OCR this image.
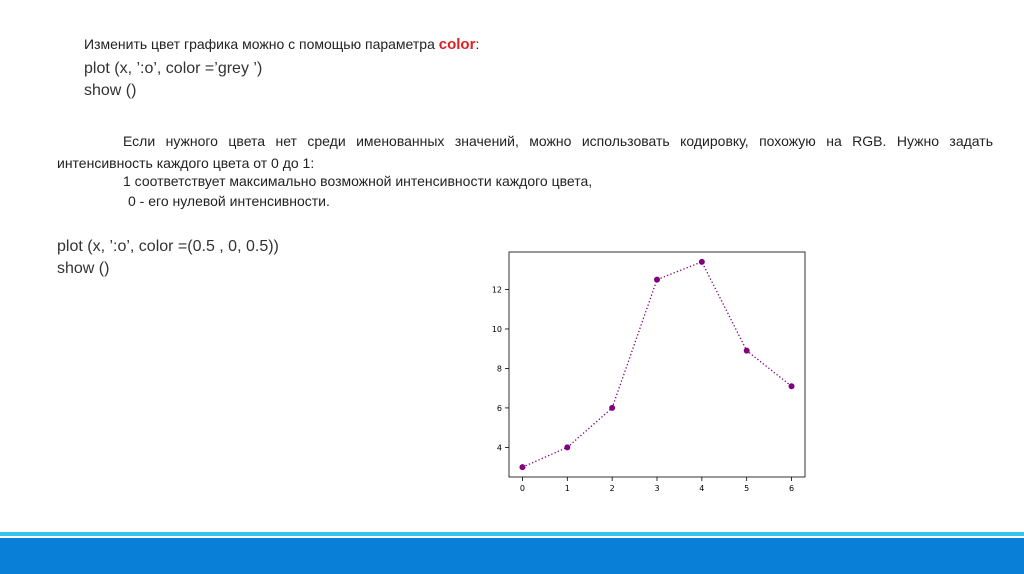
Изменить цвет графика можно с помощью параметра color:
plot (x, ’:o’, color =’grey ’)
show ()
Если нужного цвета нет среди именованных значений, можно использовать кодировку, похожую на RGB. Нужно задать интенсивность каждого цвета от 0 до 1:
1 соответствует максимально возможной интенсивности каждого цвета,
0 - его нулевой интенсивности.
plot (x, ’:o’, color =(0.5 , 0, 0.5))
show ()
4
6
8
10
12
0	1	2	3	4	5	6
